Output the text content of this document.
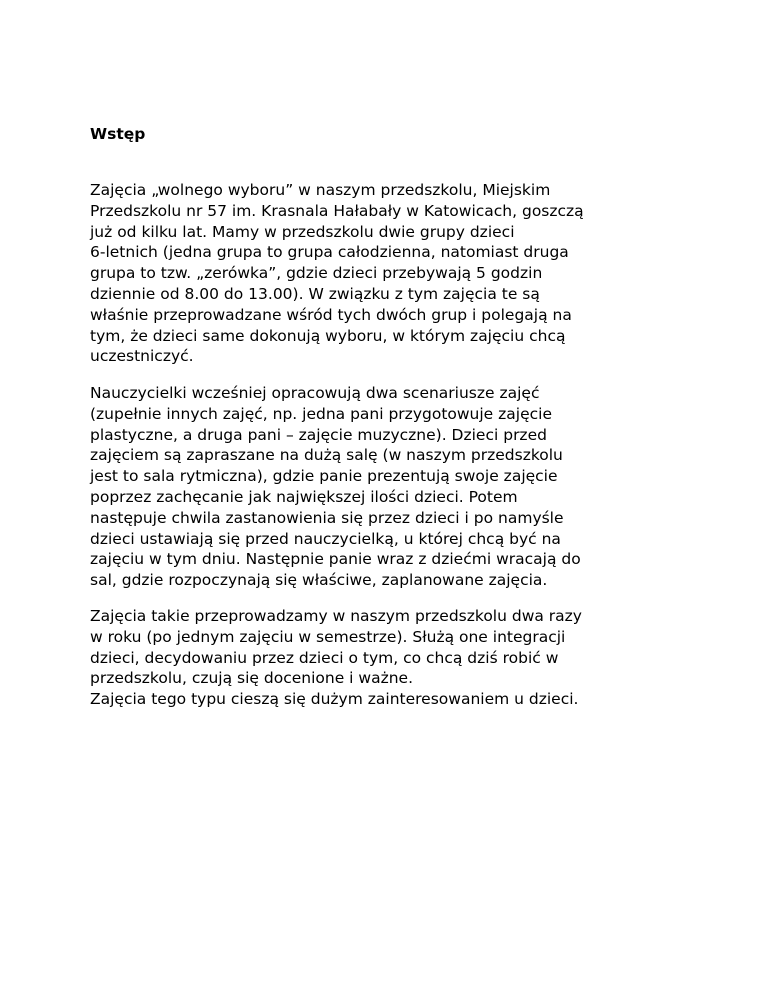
Wstęp

Zajęcia „wolnego wyboru” w naszym przedszkolu, Miejskim
Przedszkolu nr 57 im. Krasnala Hałabały w Katowicach, goszczą
już od kilku lat. Mamy w przedszkolu dwie grupy dzieci
6-letnich (jedna grupa to grupa całodzienna, natomiast druga
grupa to tzw. „zerówka”, gdzie dzieci przebywają 5 godzin
dziennie od 8.00 do 13.00). W związku z tym zajęcia te są
właśnie przeprowadzane wśród tych dwóch grup i polegają na
tym, że dzieci same dokonują wyboru, w którym zajęciu chcą
uczestniczyć.

Nauczycielki wcześniej opracowują dwa scenariusze zajęć
(zupełnie innych zajęć, np. jedna pani przygotowuje zajęcie
plastyczne, a druga pani – zajęcie muzyczne). Dzieci przed
zajęciem są zapraszane na dużą salę (w naszym przedszkolu
jest to sala rytmiczna), gdzie panie prezentują swoje zajęcie
poprzez zachęcanie jak największej ilości dzieci. Potem
następuje chwila zastanowienia się przez dzieci i po namyśle
dzieci ustawiają się przed nauczycielką, u której chcą być na
zajęciu w tym dniu. Następnie panie wraz z dziećmi wracają do
sal, gdzie rozpoczynają się właściwe, zaplanowane zajęcia.

Zajęcia takie przeprowadzamy w naszym przedszkolu dwa razy
w roku (po jednym zajęciu w semestrze). Służą one integracji
dzieci, decydowaniu przez dzieci o tym, co chcą dziś robić w
przedszkolu, czują się docenione i ważne.
Zajęcia tego typu cieszą się dużym zainteresowaniem u dzieci.
